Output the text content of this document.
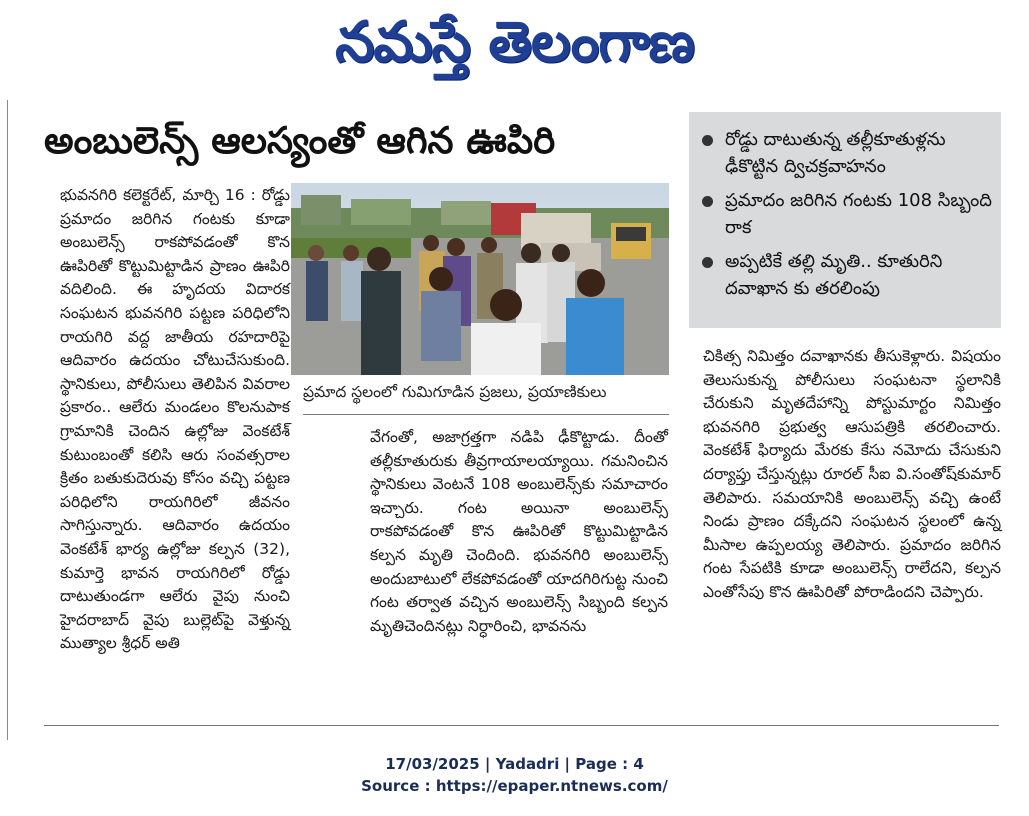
నమస్తే తెలంగాణ
అంబులెన్స్ ఆలస్యంతో ఆగిన ఊపిరి	రోడ్డు దాటుతున్న తల్లీకూతుళ్లను ఢీకొట్టిన ద్విచక్రవాహనం
ప్రమాదం జరిగిన గంటకు 108 సిబ్బంది రాక
అప్పటికే తల్లి మృతి.. కూతురిని దవాఖాన కు తరలింపు

భువనగిరి కలెక్టరేట్, మార్చి 16 : రోడ్డు ప్రమాదం జరిగిన గంటకు కూడా అంబులెన్స్ రాకపోవడంతో కొన ఊపిరితో కొట్టుమిట్టాడిన ప్రాణం ఊపిరి వదిలింది. ఈ హృదయ విదారక సంఘటన భువనగిరి పట్టణ పరిధిలోని రాయగిరి వద్ద జాతీయ రహదారిపై ఆదివారం ఉదయం చోటుచేసుకుంది. స్థానికులు, పోలీసులు తెలిపిన వివరాల ప్రకారం.. ఆలేరు మండలం కొలనుపాక గ్రామానికి చెందిన ఉల్లోజు వెంకటేశ్ కుటుంబంతో కలిసి ఆరు సంవత్సరాల క్రితం బతుకుదెరువు కోసం వచ్చి పట్టణ పరిధిలోని రాయగిరిలో జీవనం సాగిస్తున్నారు. ఆదివారం ఉదయం వెంకటేశ్ భార్య ఉల్లోజు కల్పన (32), కుమార్తె భావన రాయగిరిలో రోడ్డు దాటుతుండగా ఆలేరు వైపు నుంచి హైదరాబాద్ వైపు బుల్లెట్‌పై వెళ్తున్న ముత్యాల శ్రీధర్ అతి

ప్రమాద స్థలంలో గుమిగూడిన ప్రజలు, ప్రయాణికులు

వేగంతో, అజాగ్రత్తగా నడిపి ఢీకొట్టాడు. దీంతో తల్లీకూతురుకు తీవ్రగాయాలయ్యాయి. గమనించిన స్థానికులు వెంటనే 108 అంబులెన్స్‌కు సమాచారం ఇచ్చారు. గంట అయినా అంబులెన్స్ రాకపోవడంతో కొన ఊపిరితో కొట్టుమిట్టాడిన కల్పన మృతి చెందింది. భువనగిరి అంబులెన్స్ అందుబాటులో లేకపోవడంతో యాదగిరిగుట్ట నుంచి గంట తర్వాత వచ్చిన అంబులెన్స్ సిబ్బంది కల్పన మృతిచెందినట్లు నిర్ధారించి, భావనను

చికిత్స నిమిత్తం దవాఖానకు తీసుకెళ్లారు. విషయం తెలుసుకున్న పోలీసులు సంఘటనా స్థలానికి చేరుకుని మృతదేహాన్ని పోస్టుమార్టం నిమిత్తం భువనగిరి ప్రభుత్వ ఆసుపత్రికి తరలించారు. వెంకటేశ్ ఫిర్యాదు మేరకు కేసు నమోదు చేసుకుని దర్యాప్తు చేస్తున్నట్లు రూరల్ సీఐ వి.సంతోష్‌కుమార్ తెలిపారు. సమయానికి అంబులెన్స్ వచ్చి ఉంటే నిండు ప్రాణం దక్కేదని సంఘటన స్థలంలో ఉన్న మీసాల ఉప్పలయ్య తెలిపారు. ప్రమాదం జరిగిన గంట సేపటికి కూడా అంబులెన్స్ రాలేదని, కల్పన ఎంతోసేపు కొన ఊపిరితో పోరాడిందని చెప్పారు.

17/03/2025 | Yadadri | Page : 4
Source : https://epaper.ntnews.com/
